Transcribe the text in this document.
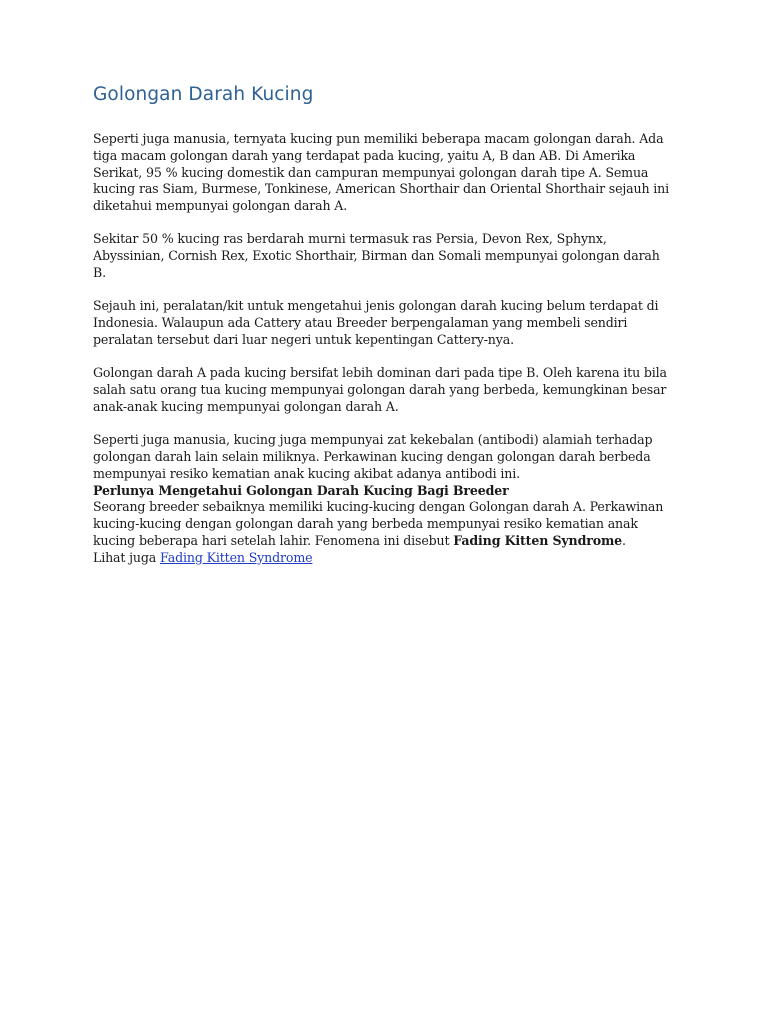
Golongan Darah Kucing

Seperti juga manusia, ternyata kucing pun memiliki beberapa macam golongan darah. Ada tiga macam golongan darah yang terdapat pada kucing, yaitu A, B dan AB. Di Amerika Serikat, 95 % kucing domestik dan campuran mempunyai golongan darah tipe A. Semua kucing ras Siam, Burmese, Tonkinese, American Shorthair dan Oriental Shorthair sejauh ini diketahui mempunyai golongan darah A.

Sekitar 50 % kucing ras berdarah murni termasuk ras Persia, Devon Rex, Sphynx, Abyssinian, Cornish Rex, Exotic Shorthair, Birman dan Somali mempunyai golongan darah B.

Sejauh ini, peralatan/kit untuk mengetahui jenis golongan darah kucing belum terdapat di Indonesia. Walaupun ada Cattery atau Breeder berpengalaman yang membeli sendiri peralatan tersebut dari luar negeri untuk kepentingan Cattery-nya.

Golongan darah A pada kucing bersifat lebih dominan dari pada tipe B. Oleh karena itu bila salah satu orang tua kucing mempunyai golongan darah yang berbeda, kemungkinan besar anak-anak kucing mempunyai golongan darah A.

Seperti juga manusia, kucing juga mempunyai zat kekebalan (antibodi) alamiah terhadap golongan darah lain selain miliknya. Perkawinan kucing dengan golongan darah berbeda mempunyai resiko kematian anak kucing akibat adanya antibodi ini.

Perlunya Mengetahui Golongan Darah Kucing Bagi Breeder

Seorang breeder sebaiknya memiliki kucing-kucing dengan Golongan darah A. Perkawinan kucing-kucing dengan golongan darah yang berbeda mempunyai resiko kematian anak kucing beberapa hari setelah lahir. Fenomena ini disebut Fading Kitten Syndrome.
Lihat juga Fading Kitten Syndrome
